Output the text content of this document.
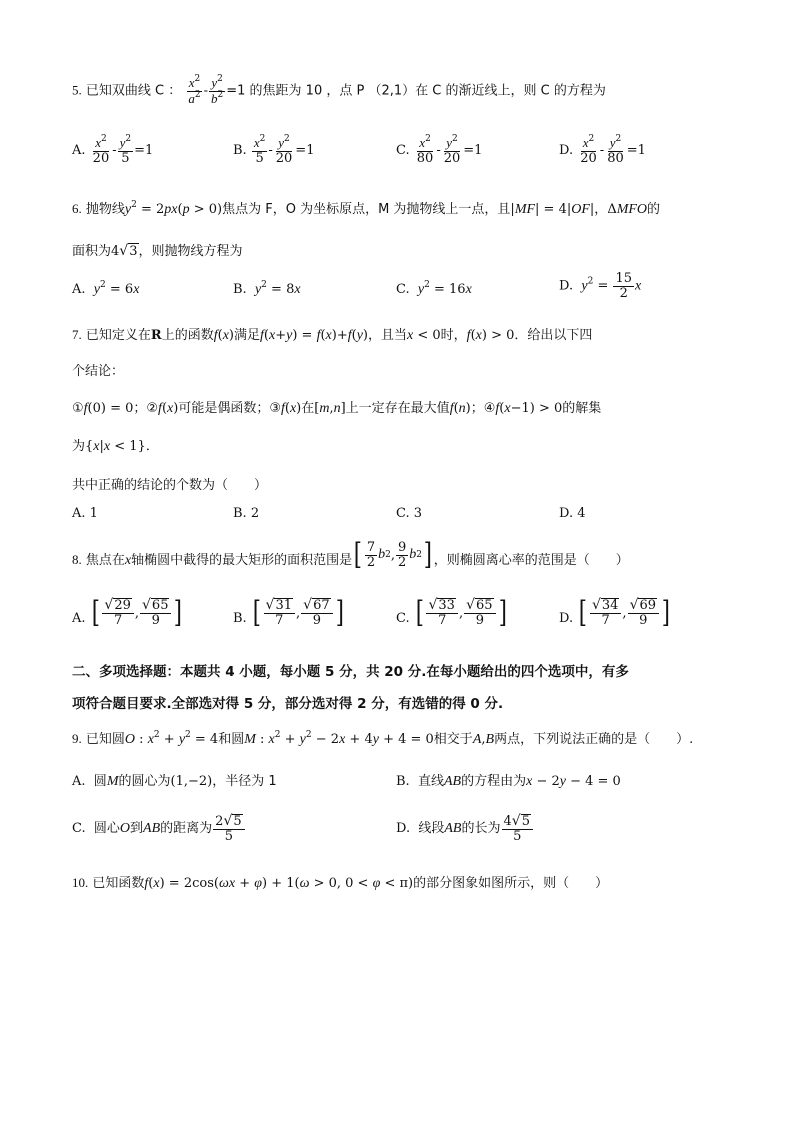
5. 已知双曲线 C ： $\frac{x^2}{a^2} - \frac{y^2}{b^2} =1$ 的焦距为 10 ，点 P （2,1）在 C 的渐近线上，则 C 的方程为
A. $\frac{x^2}{20} - \frac{y^2}{5} =1$	B. $\frac{x^2}{5} - \frac{y^2}{20} =1$	C. $\frac{x^2}{80} - \frac{y^2}{20} =1$	D. $\frac{x^2}{20} - \frac{y^2}{80} =1$
6. 抛物线$y^2 = 2px(p > 0)$焦点为 F，O 为坐标原点，M 为抛物线上一点，且|MF| = 4|OF|，ΔMFO的
面积为4 √ 3 ，则抛物线方程为
A. $y^2 = 6x$	B. $y^2 = 8x$	C. $y^2 = 16x$	D. $y^2 = \frac{15}{2}$ x
7. 已知定义在R上的函数f(x)满足f(x+y) = f(x)+f(y)，且当x < 0时，f(x) > 0．给出以下四
个结论：
①f(0) = 0；②f(x)可能是偶函数；③f(x)在[m,n]上一定存在最大值f(n)；④f(x−1) > 0的解集
为{x|x < 1}．
共中正确的结论的个数为（　　）
A. 1	B. 2	C. 3	D. 4
8. 焦点在x轴椭圆中截得的最大矩形的面积范围是 [ $\frac{7}{2}$ b 2 , $\frac{9}{2}$ b 2 ] ，则椭圆离心率的范围是（　　）
A. [ $\frac{√ 29}{7}$ , $\frac{√ 65}{9}$ ]	B. [ $\frac{√ 31}{7}$ , $\frac{√ 67}{9}$ ]	C. [ $\frac{√ 33}{7}$ , $\frac{√ 65}{9}$ ]	D. [ $\frac{√ 34}{7}$ , $\frac{√ 69}{9}$ ]
二、多项选择题：本题共 4 小题，每小题 5 分，共 20 分.在每小题给出的四个选项中，有多
项符合题目要求.全部选对得 5 分，部分选对得 2 分，有选错的得 0 分.
9. 已知圆O : $x^2 + y^2 = 4$和圆M : $x^2 + y^2 - 2x + 4y + 4 = 0$相交于A,B两点，下列说法正确的是（　　）.
A. 圆M的圆心为(1,−2)，半径为 1	B. 直线AB的方程由为x − 2y − 4 = 0
C. 圆心O到AB的距离为 $\frac{2 √ 5}{5}$	D. 线段AB的长为 $\frac{4 √ 5}{5}$
10. 已知函数f(x) = 2cos(ωx + φ) + 1(ω > 0, 0 < φ < π)的部分图象如图所示，则（　　）
